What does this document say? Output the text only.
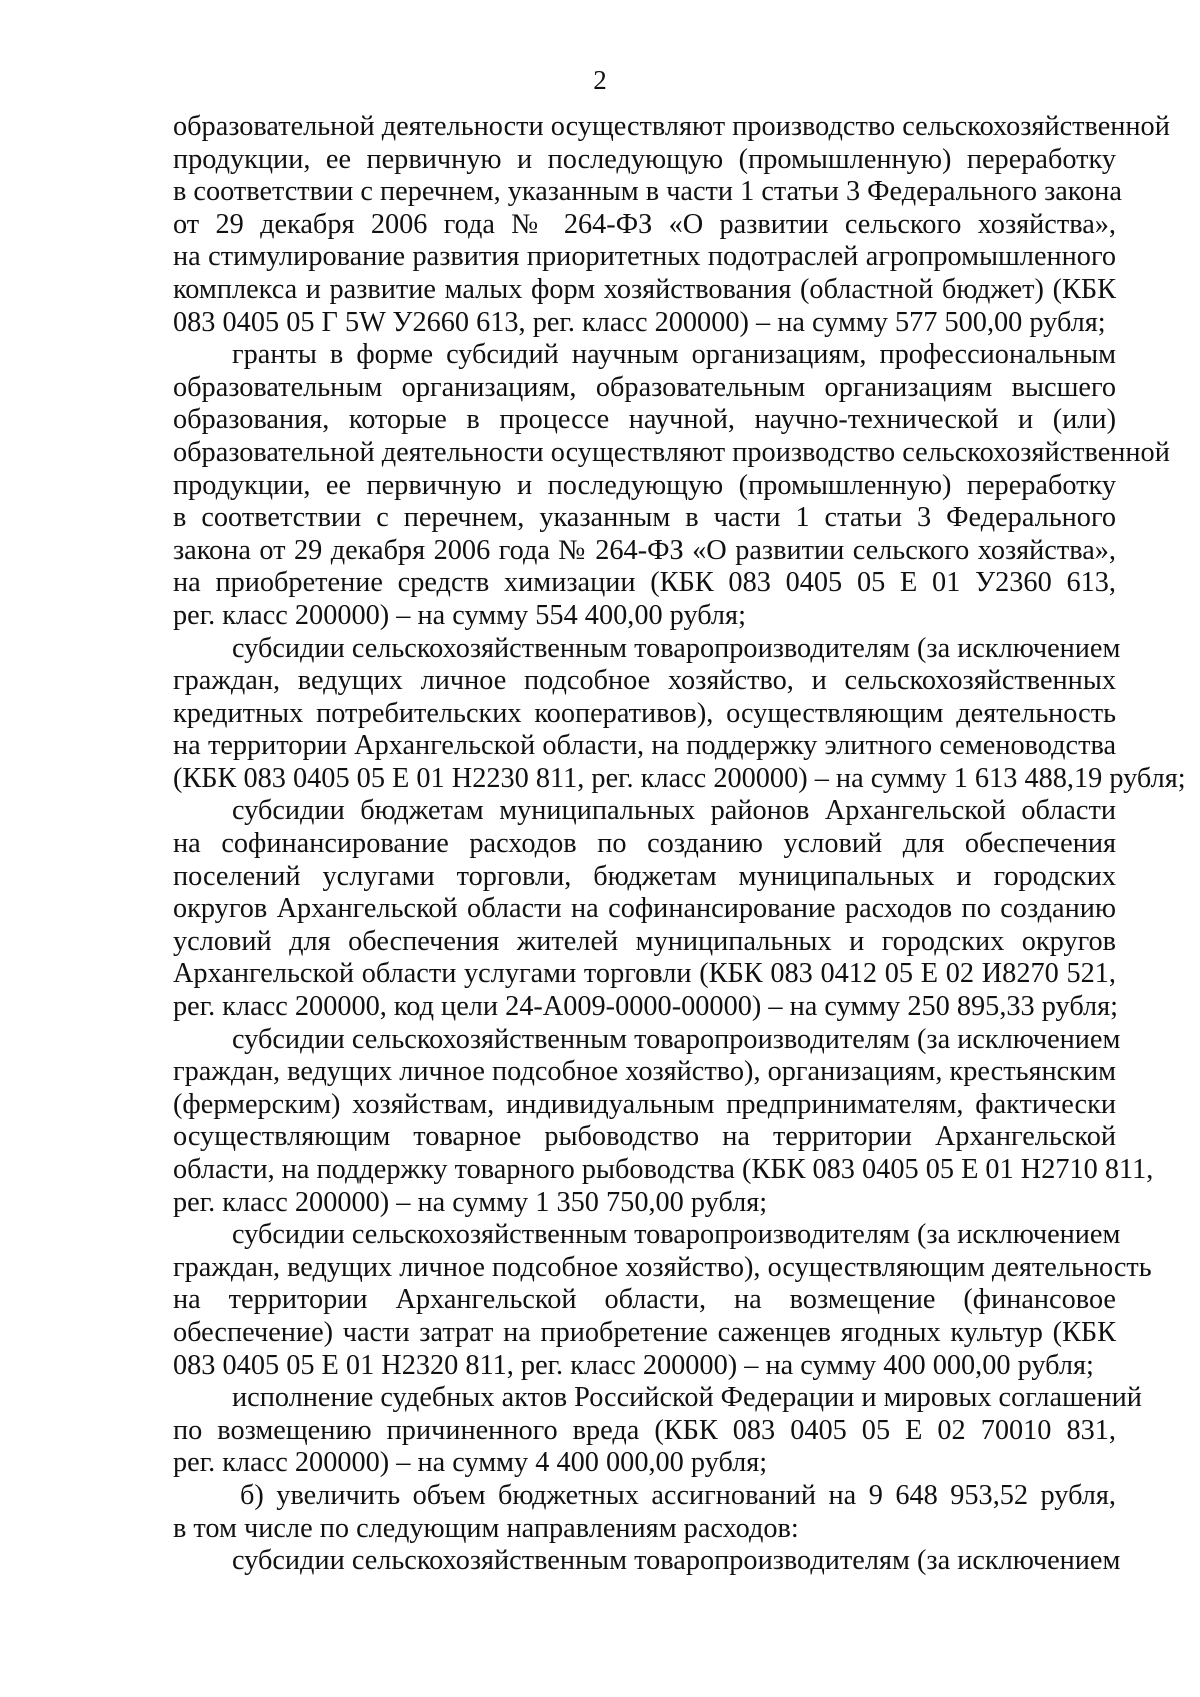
2
образовательной деятельности осуществляют производство сельскохозяйственной
продукции, ее первичную и последующую (промышленную) переработку
в соответствии с перечнем, указанным в части 1 статьи 3 Федерального закона
от 29 декабря 2006 года № 264-ФЗ «О развитии сельского хозяйства»,
на стимулирование развития приоритетных подотраслей агропромышленного
комплекса и развитие малых форм хозяйствования (областной бюджет) (КБК
083 0405 05 Г 5W У2660 613, рег. класс 200000) – на сумму 577 500,00 рубля;
гранты в форме субсидий научным организациям, профессиональным
образовательным организациям, образовательным организациям высшего
образования, которые в процессе научной, научно-технической и (или)
образовательной деятельности осуществляют производство сельскохозяйственной
продукции, ее первичную и последующую (промышленную) переработку
в соответствии с перечнем, указанным в части 1 статьи 3 Федерального
закона от 29 декабря 2006 года № 264-ФЗ «О развитии сельского хозяйства»,
на приобретение средств химизации (КБК 083 0405 05 Е 01 У2360 613,
рег. класс 200000) – на сумму 554 400,00 рубля;
субсидии сельскохозяйственным товаропроизводителям (за исключением
граждан, ведущих личное подсобное хозяйство, и сельскохозяйственных
кредитных потребительских кооперативов), осуществляющим деятельность
на территории Архангельской области, на поддержку элитного семеноводства
(КБК 083 0405 05 Е 01 Н2230 811, рег. класс 200000) – на сумму 1 613 488,19 рубля;
субсидии бюджетам муниципальных районов Архангельской области
на софинансирование расходов по созданию условий для обеспечения
поселений услугами торговли, бюджетам муниципальных и городских
округов Архангельской области на софинансирование расходов по созданию
условий для обеспечения жителей муниципальных и городских округов
Архангельской области услугами торговли (КБК 083 0412 05 Е 02 И8270 521,
рег. класс 200000, код цели 24-А009-0000-00000) – на сумму 250 895,33 рубля;
субсидии сельскохозяйственным товаропроизводителям (за исключением
граждан, ведущих личное подсобное хозяйство), организациям, крестьянским
(фермерским) хозяйствам, индивидуальным предпринимателям, фактически
осуществляющим товарное рыбоводство на территории Архангельской
области, на поддержку товарного рыбоводства (КБК 083 0405 05 Е 01 Н2710 811,
рег. класс 200000) – на сумму 1 350 750,00 рубля;
субсидии сельскохозяйственным товаропроизводителям (за исключением
граждан, ведущих личное подсобное хозяйство), осуществляющим деятельность
на территории Архангельской области, на возмещение (финансовое
обеспечение) части затрат на приобретение саженцев ягодных культур (КБК
083 0405 05 Е 01 Н2320 811, рег. класс 200000) – на сумму 400 000,00 рубля;
исполнение судебных актов Российской Федерации и мировых соглашений
по возмещению причиненного вреда (КБК 083 0405 05 Е 02 70010 831,
рег. класс 200000) – на сумму 4 400 000,00 рубля;
б) увеличить объем бюджетных ассигнований на 9 648 953,52 рубля,
в том числе по следующим направлениям расходов:
субсидии сельскохозяйственным товаропроизводителям (за исключением
